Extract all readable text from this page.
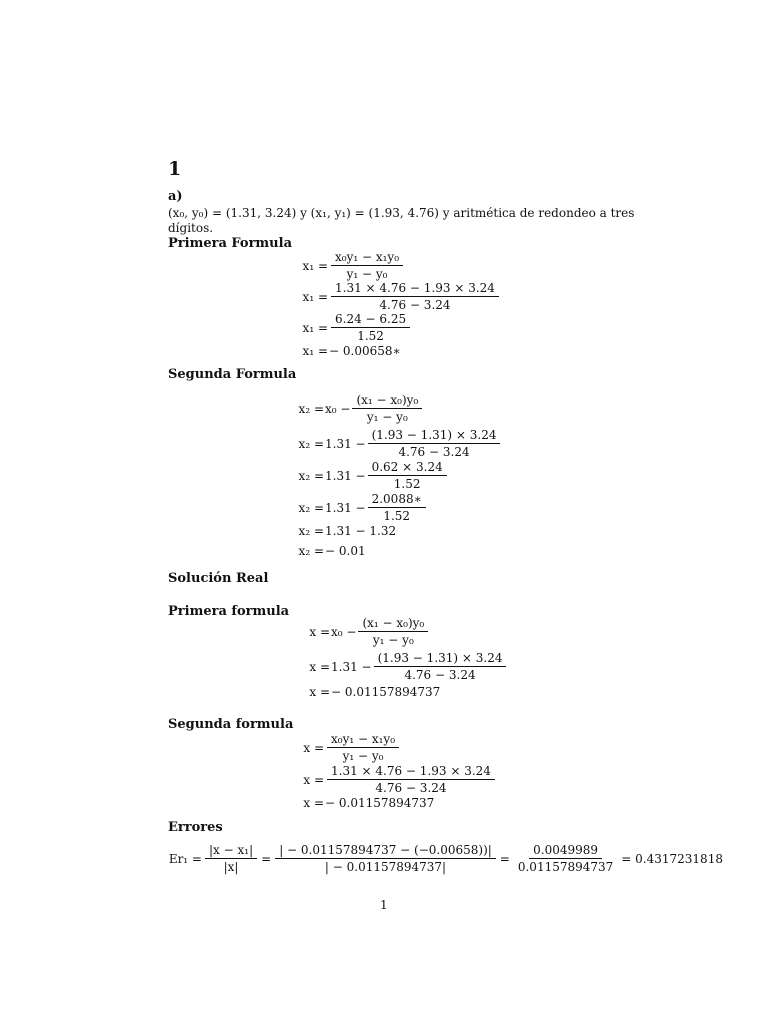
1
a)
(x₀, y₀) = (1.31, 3.24) y (x₁, y₁) = (1.93, 4.76) y aritmética de redondeo a tres
dígitos.
Primera Formula
$x_1 = \frac{\text{x₀y₁ − x₁y₀}}{\text{y₁ − y₀}}$
$x_1 = \frac{1.31 \times 4.76 - 1.93 \times 3.24}{4.76 - 3.24}$
$x_1 = \frac{6.24 - 6.25}{1.52}$
x₁ = − 0.00658∗
Segunda Formula
$x_2 = x_0 - \frac{\text{(x₁ − x₀)y₀}}{\text{y₁ − y₀}}$
$x_2 = 1.31 - \frac{(1.93 - 1.31) \times 3.24}{4.76 - 3.24}$
$x_2 = 1.31 - \frac{0.62 \times 3.24}{1.52}$
$x_2 = 1.31 - \frac{2.0088∗}{1.52}$
x₂ = 1.31 − 1.32
x₂ = − 0.01
Solución Real
Primera formula
$x = x_0 - \frac{\text{(x₁ − x₀)y₀}}{\text{y₁ − y₀}}$
$x = 1.31 - \frac{(1.93 - 1.31) \times 3.24}{4.76 - 3.24}$
x = − 0.01157894737
Segunda formula
$x = \frac{\text{x₀y₁ − x₁y₀}}{\text{y₁ − y₀}}$
$x = \frac{1.31 \times 4.76 - 1.93 \times 3.24}{4.76 - 3.24}$
x = − 0.01157894737
Errores
$Er_1 = \frac{\text{|x − x₁|}}{|x|} = \frac{| - 0.01157894737 - (-0.00658))|}{| - 0.01157894737|} = \frac{0.0049989}{0.01157894737} = 0.4317231818$
1
